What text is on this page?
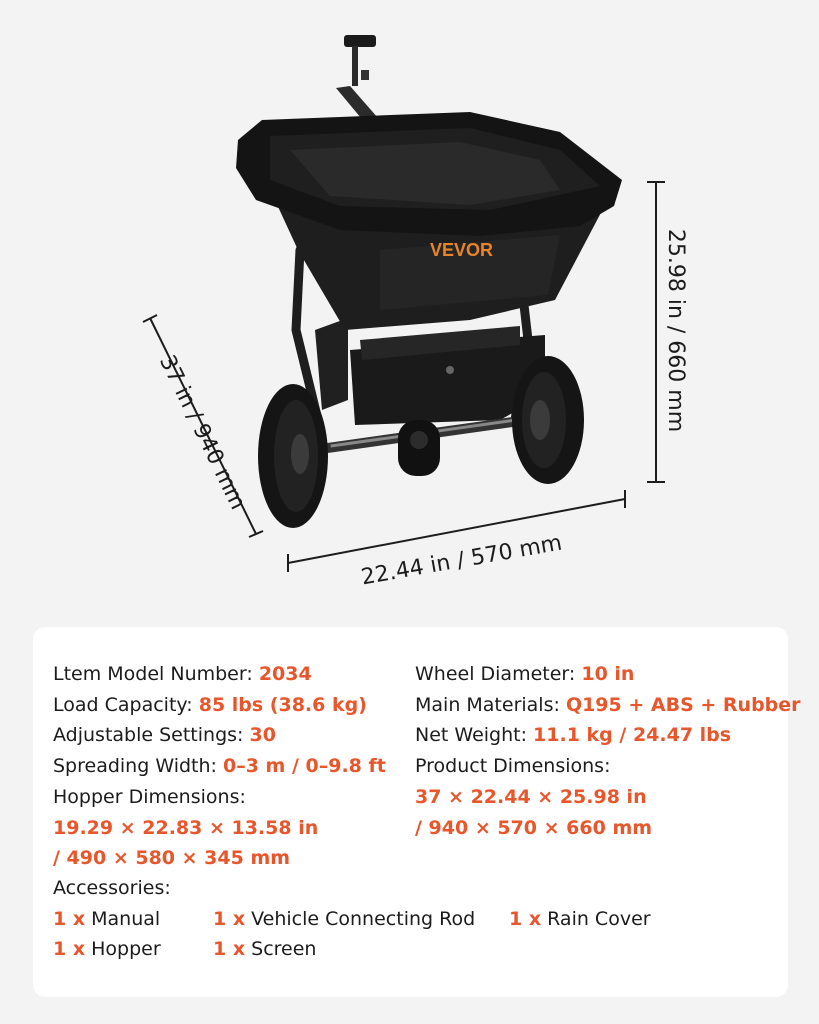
VEVOR
37 in / 940 mm
22.44 in / 570 mm
25.98 in / 660 mm
Ltem Model Number: 2034
Load Capacity: 85 lbs (38.6 kg)
Adjustable Settings: 30
Spreading Width: 0–3 m / 0–9.8 ft
Hopper Dimensions:
19.29 × 22.83 × 13.58 in
/ 490 × 580 × 345 mm
Accessories:
Wheel Diameter: 10 in
Main Materials: Q195 + ABS + Rubber
Net Weight: 11.1 kg / 24.47 lbs
Product Dimensions:
37 × 22.44 × 25.98 in
/ 940 × 570 × 660 mm
1 x Manual	1 x Vehicle Connecting Rod 1 x Rain Cover
1 x Hopper	1 x Screen
